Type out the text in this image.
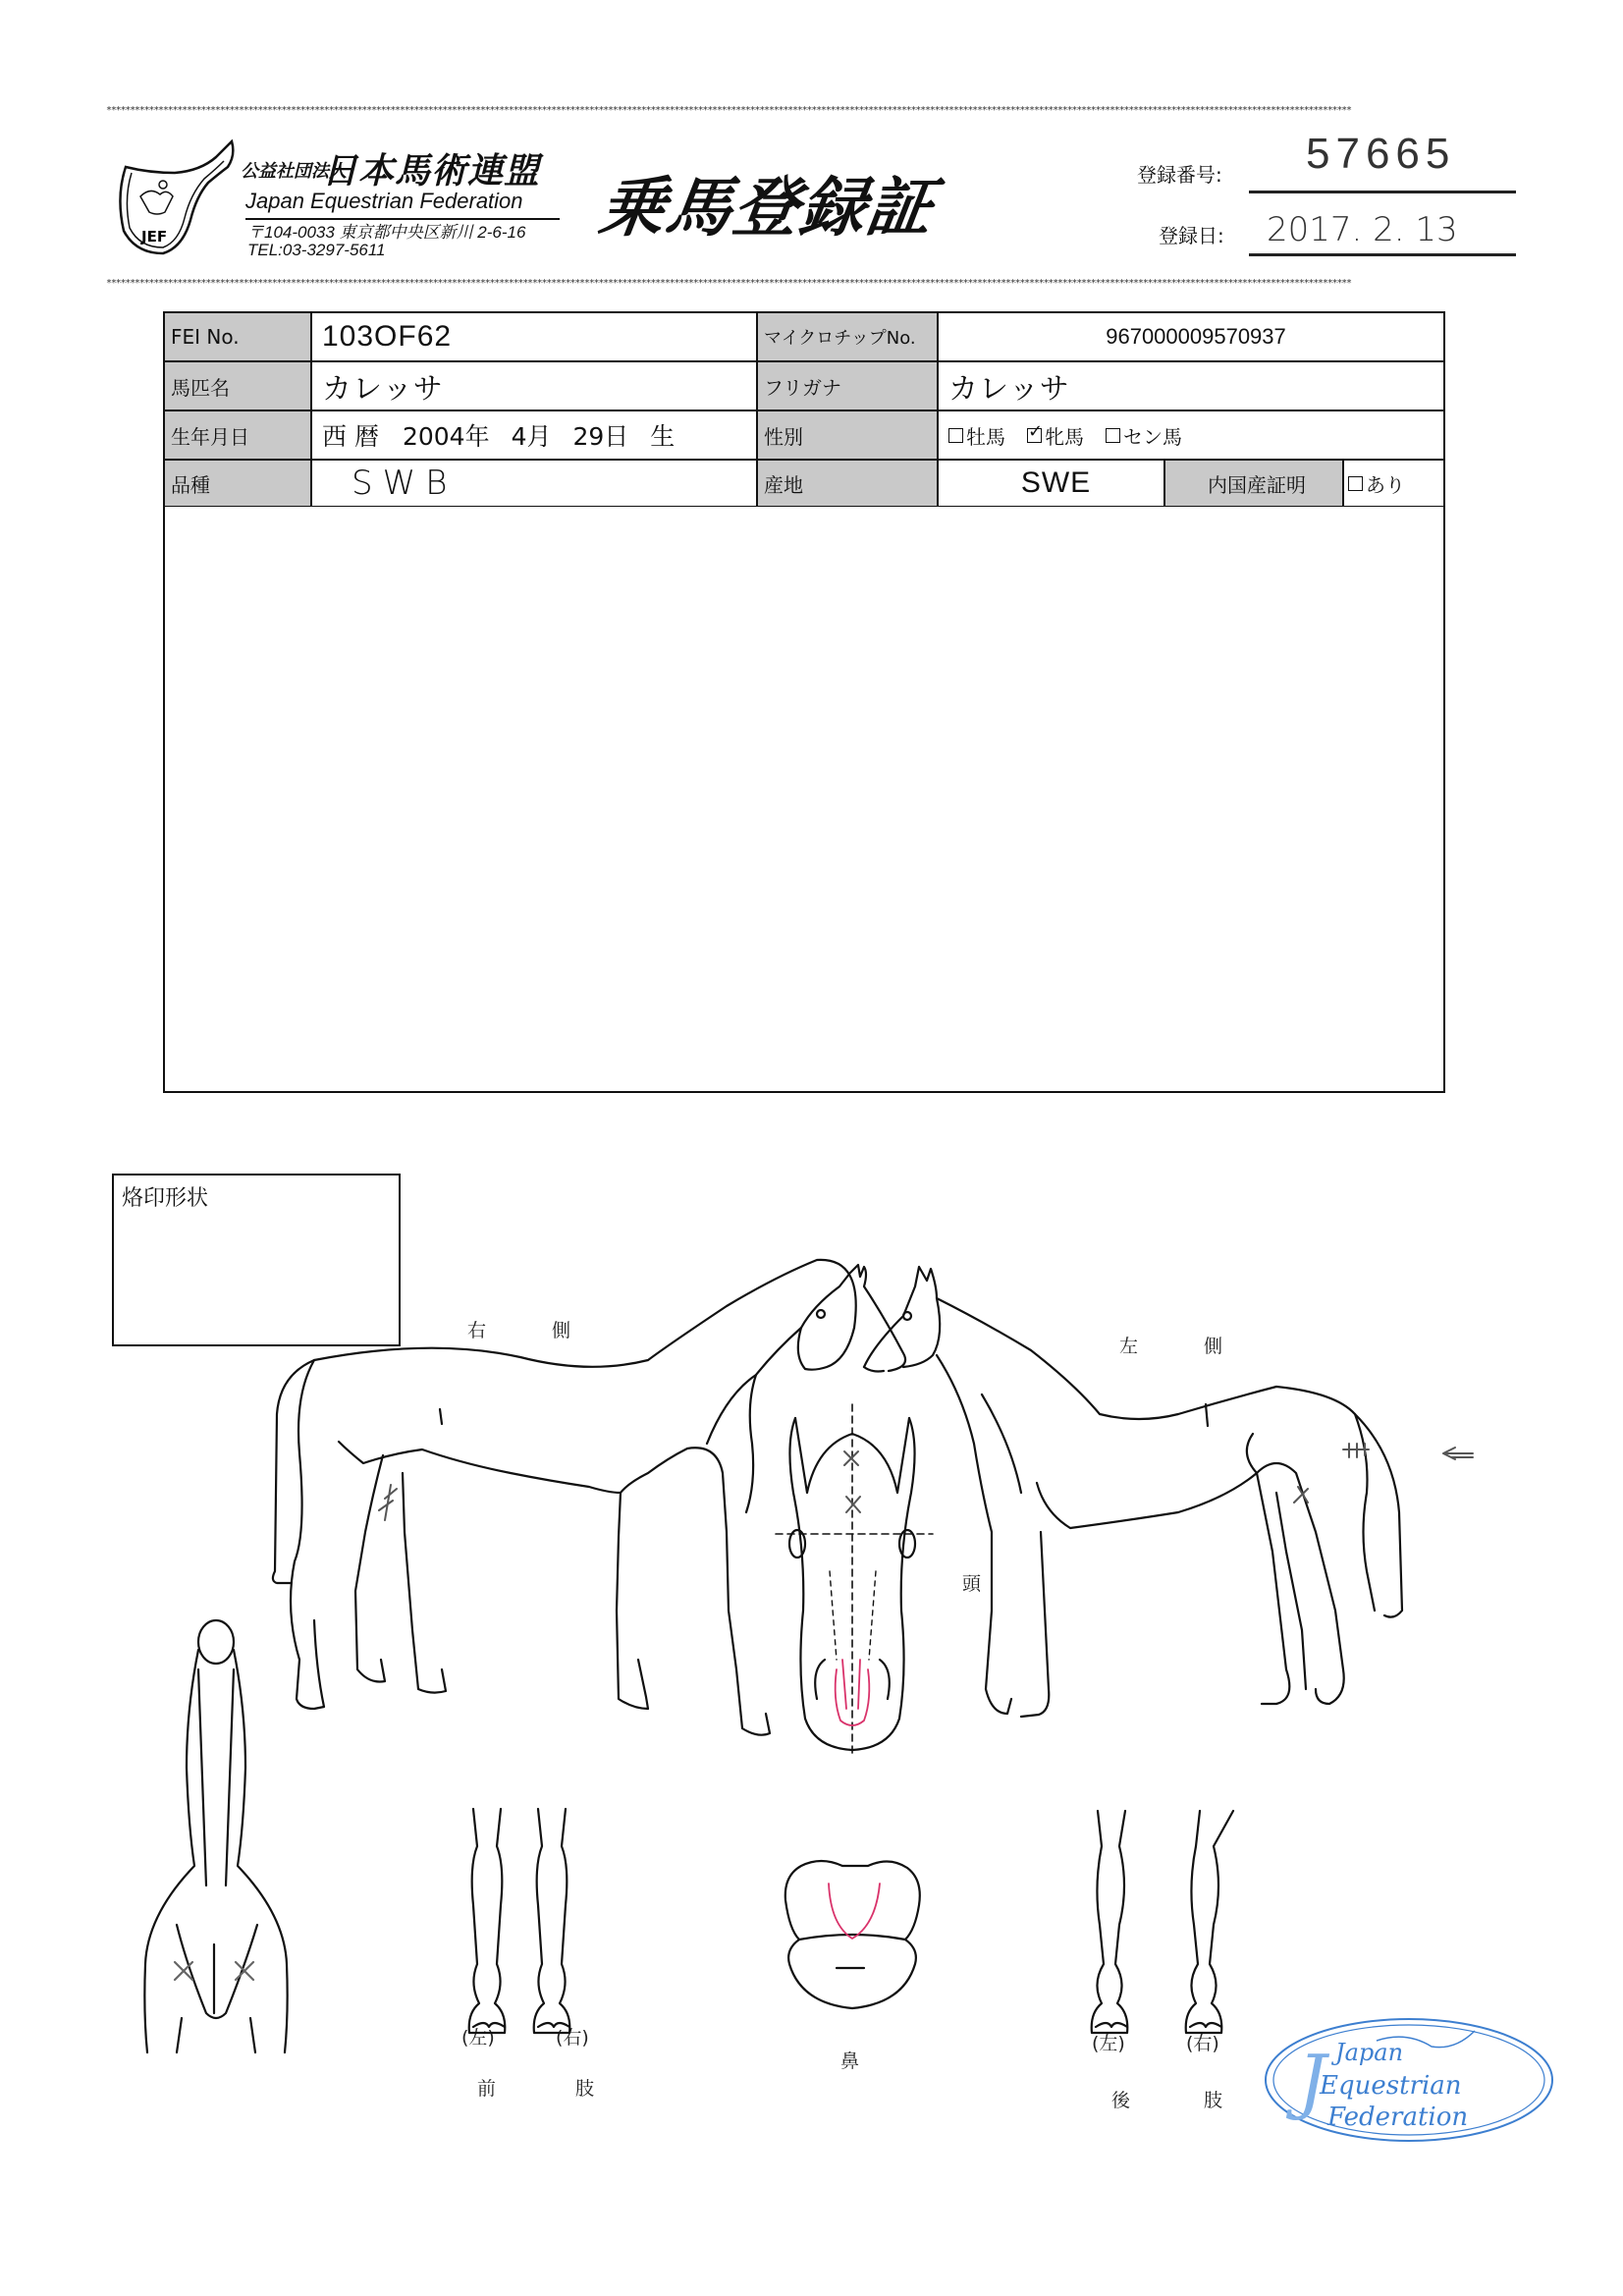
***********************************************************************************************************************************************************************************************************************************************************************
***********************************************************************************************************************************************************************************************************************************************************************
JEF
公益社団法人
日本馬術連盟
Japan Equestrian Federation
〒104-0033 東京都中央区新川 2-6-16
TEL:03-3297-5611
乗馬登録証	登録番号: 57665
登録日: 2017. 2. 13
FEI No.	103OF62	マイクロチップNo.	967000009570937
馬匹名	カレッサ	フリガナ	カレッサ
生年月日	西 暦 2004年 4月 29日 生	性別	牡馬 ✓ 牝馬 セン馬
品種	SWB	産地	SWE	内国産証明	あり
烙印形状
右	側
左	側
頭
鼻
(左)	(右)
前	肢
(左)	(右)
後	肢 J Japan
Equestrian
Federation
